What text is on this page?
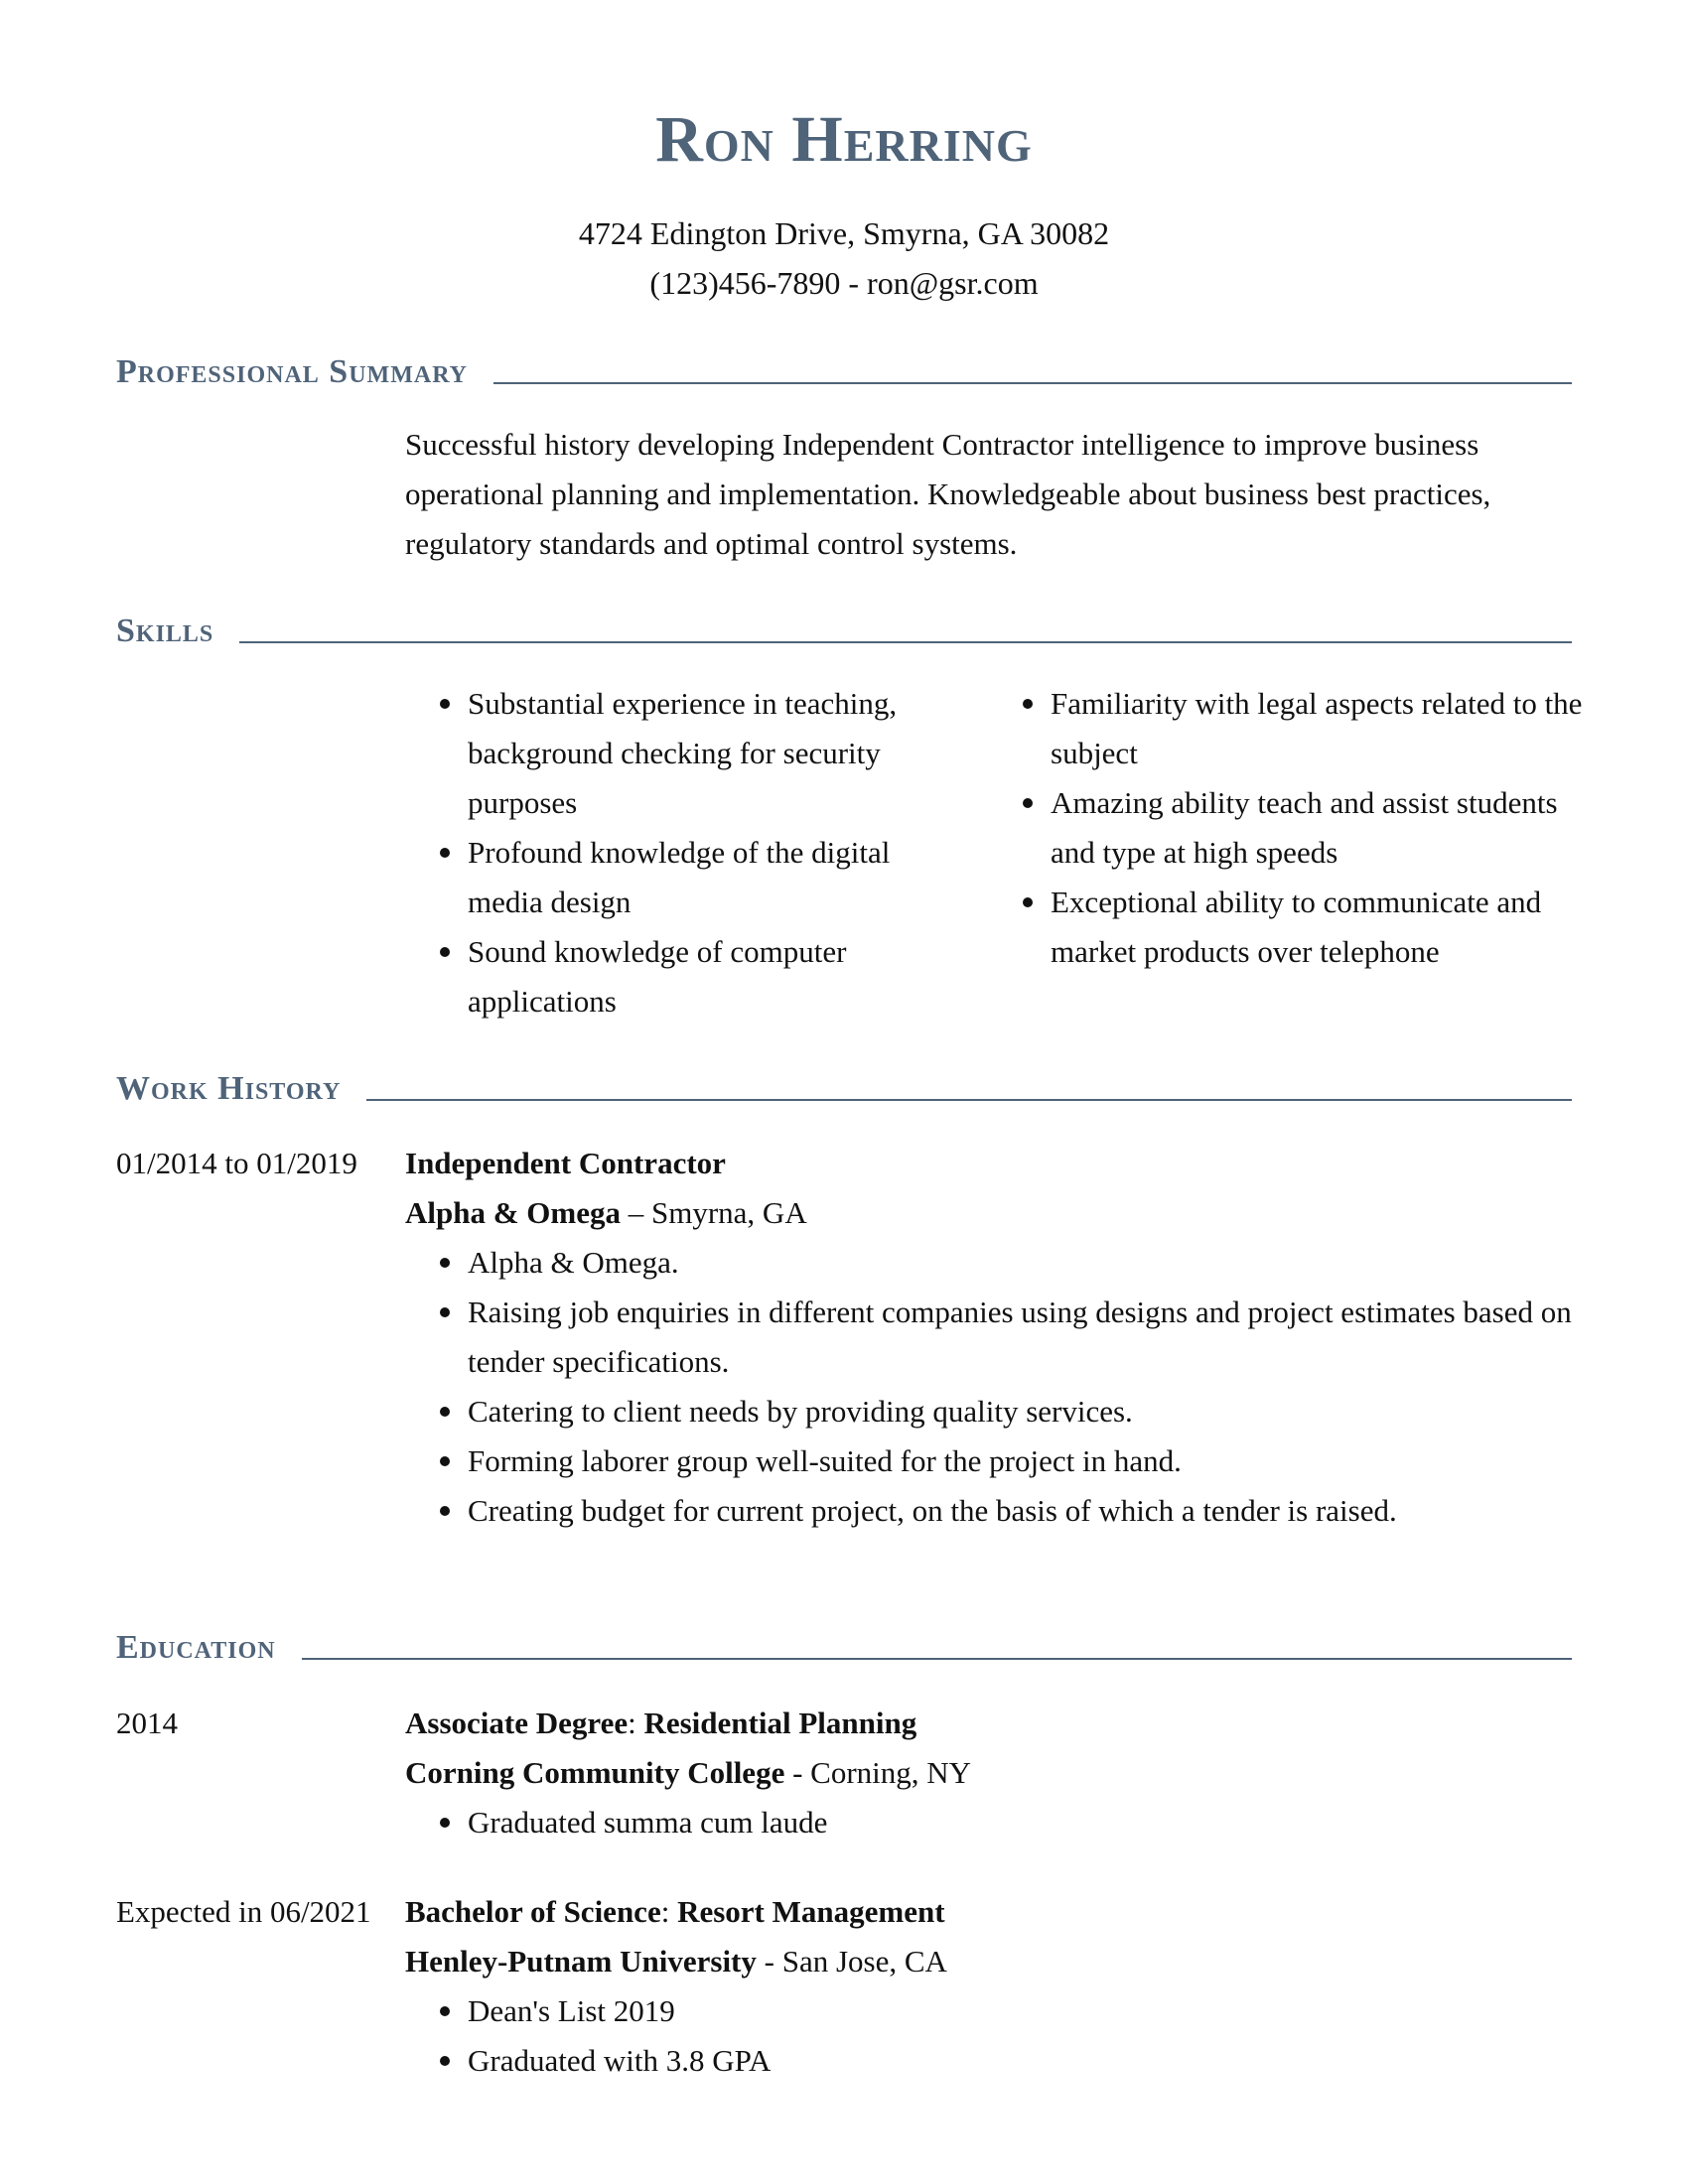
Ron Herring
4724 Edington Drive, Smyrna, GA 30082
(123)456-7890 - ron@gsr.com
Professional Summary
Successful history developing Independent Contractor intelligence to improve business operational planning and implementation. Knowledgeable about business best practices, regulatory standards and optimal control systems.
Skills
Substantial experience in teaching, background checking for security purposes
Profound knowledge of the digital media design
Sound knowledge of computer applications
Familiarity with legal aspects related to the subject
Amazing ability teach and assist students and type at high speeds
Exceptional ability to communicate and market products over telephone
Work History
01/2014 to 01/2019 Independent Contractor
Alpha & Omega – Smyrna, GA
Alpha & Omega.
Raising job enquiries in different companies using designs and project estimates based on tender specifications.
Catering to client needs by providing quality services.
Forming laborer group well-suited for the project in hand.
Creating budget for current project, on the basis of which a tender is raised.
Education
2014	Associate Degree: Residential Planning
Corning Community College - Corning, NY
Graduated summa cum laude
Expected in 06/2021 Bachelor of Science: Resort Management
Henley-Putnam University - San Jose, CA
Dean's List 2019
Graduated with 3.8 GPA
